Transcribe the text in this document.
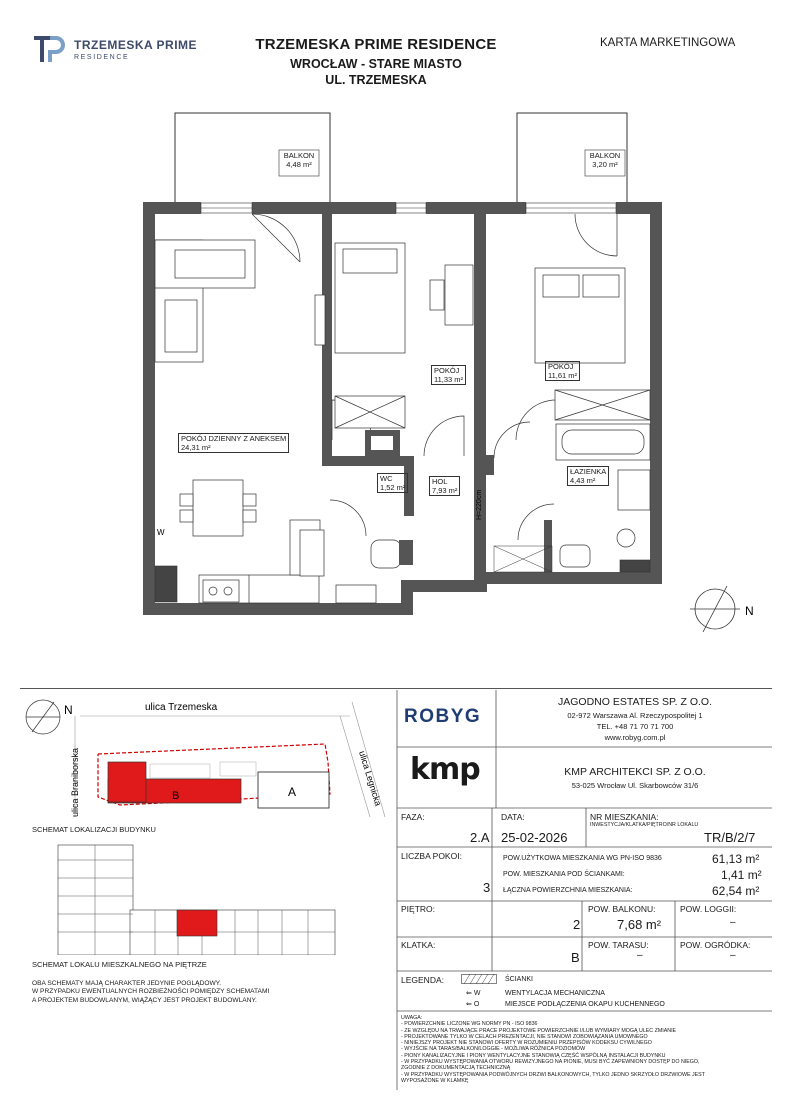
TRZEMESKA PRIME
RESIDENCE
TRZEMESKA PRIME RESIDENCE
WROCŁAW - STARE MIASTO
UL. TRZEMESKA
KARTA MARKETINGOWA
N
W
H=220cm
BALKON
4,48 m²
BALKON
3,20 m²
POKÓJ DZIENNY Z ANEKSEM
24,31 m²
POKÓJ
11,33 m²
POKÓJ
11,61 m²
WC
1,52 m²
HOL
7,93 m²
ŁAZIENKA
4,43 m²
N
B	A
ulica Trzemeska
ulica Braniborska	ulica Legnicka
SCHEMAT LOKALIZACJI BUDYNKU
SCHEMAT LOKALU MIESZKALNEGO NA PIĘTRZE
OBA SCHEMATY MAJĄ CHARAKTER JEDYNIE POGLĄDOWY.
W PRZYPADKU EWENTUALNYCH ROZBIEŻNOŚCI POMIĘDZY SCHEMATAMI
A PROJEKTEM BUDOWLANYM, WIĄŻĄCY JEST PROJEKT BUDOWLANY.
ROBYG
JAGODNO ESTATES SP. Z O.O.
02-972 Warszawa Al. Rzeczypospolitej 1
TEL. +48 71 70 71 700
www.robyg.com.pl
kmp	KMP ARCHITEKCI SP. Z O.O.
53-025 Wrocław Ul. Skarbowców 31/6
FAZA:
2.A
DATA:
25-02-2026
NR MIESZKANIA:
INWESTYCJA/KLATKA/PIĘTRO/NR LOKALU
TR/B/2/7
LICZBA POKOI:
3
POW.UŻYTKOWA MIESZKANIA WG PN-ISO 9836	61,13 m²
POW. MIESZKANIA POD ŚCIANKAMI:	1,41 m²
ŁĄCZNA POWIERZCHNIA MIESZKANIA:	62,54 m²
PIĘTRO:
2
POW. BALKONU:
7,68 m²
POW. LOGGII:
–
KLATKA:
B
POW. TARASU:
–
POW. OGRÓDKA:
–
LEGENDA:	ŚCIANKI
⇐ W	WENTYLACJA MECHANICZNA
⇐ O	MIEJSCE PODŁĄCZENIA OKAPU KUCHENNEGO
UWAGA:
- POWIERZCHNIE LICZONE WG NORMY PN - ISO 9836
- ZE WZGLĘDU NA TRWAJĄCE PRACE PROJEKTOWE POWIERZCHNIE I/LUB WYMIARY MOGĄ ULEC ZMIANIE
- PROJEKTOWANE TYLKO W CELACH PREZENTACJI, NIE STANOWI ZOBOWIĄZANIA UMOWNEGO
- NINIEJSZY PROJEKT NIE STANOWI OFERTY W ROZUMIENIU PRZEPISÓW KODEKSU CYWILNEGO
- WYJŚCIE NA TARAS/BALKON/LOGGIE - MOŻLIWA RÓŻNICA POZIOMÓW
- PIONY KANALIZACYJNE I PIONY WENTYLACYJNE STANOWIĄ CZĘŚĆ WSPÓLNĄ INSTALACJI BUDYNKU
- W PRZYPADKU WYSTĘPOWANIA OTWORU REWIZYJNEGO NA PIONIE, MUSI BYĆ ZAPEWNIONY DOSTĘP DO NIEGO,
ZGODNIE Z DOKUMENTACJĄ TECHNICZNĄ
- W PRZYPADKU WYSTĘPOWANIA PODWÓJNYCH DRZWI BALKONOWYCH, TYLKO JEDNO SKRZYDŁO DRZWIOWE JEST
WYPOSAŻONE W KLAMKĘ
